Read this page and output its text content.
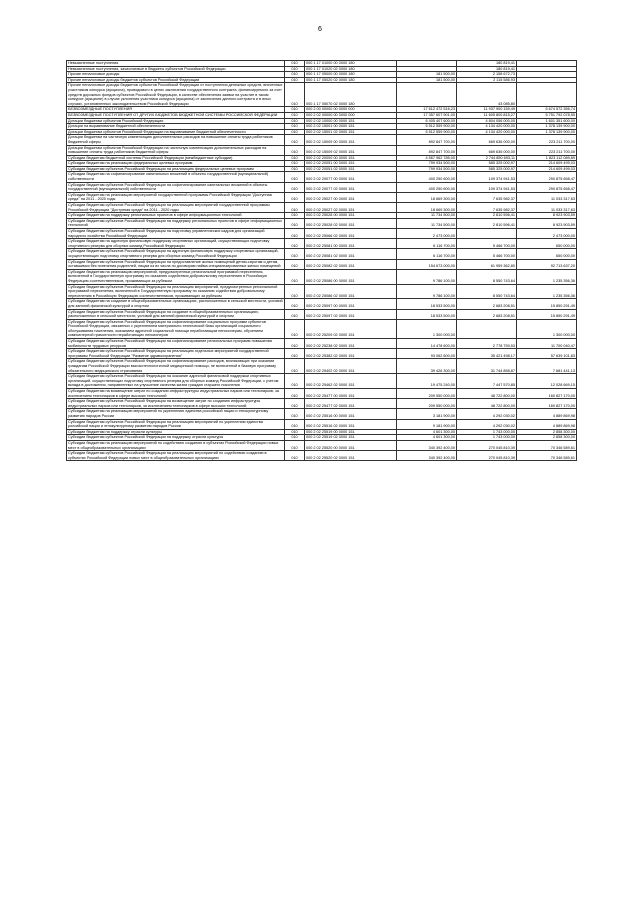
6
Невыясненные поступления	010	000 1 17 01000 00 0000 180		180 819,41	
Невыясненные поступления, зачисляемые в бюджеты субъектов Российской Федерации	010	000 1 17 01020 02 0000 180		180 819,41	
Прочие неналоговые доходы	010	000 1 17 05000 00 0000 180	181 500,00	2 158 672,73	
Прочие неналоговые доходы бюджетов субъектов Российской Федерации	010	000 1 17 05020 02 0000 180	181 500,00	2 115 586,93	
Прочие неналоговые доходы бюджетов субъектов Российской Федерации от поступления денежных средств, внесенных участником конкурса (аукциона), проводимого в целях заключения государственного контракта, финансируемого за счет средств дорожных фондов субъектов Российской Федерации, в качестве обеспечения заявки на участие в таком конкурсе (аукционе) в случае уклонения участника конкурса (аукциона) от заключения данного контракта и в иных случаях, установленных законодательством Российской Федерации	010	000 1 17 05070 02 0000 180		43 085,80	
БЕЗВОЗМЕЗДНЫЕ ПОСТУПЛЕНИЯ	010	000 2 00 00000 00 0000 000	17 612 472 516,23	11 937 900 159,49	5 674 572 356,74
БЕЗВОЗМЕЗДНЫЕ ПОСТУПЛЕНИЯ ОТ ДРУГИХ БЮДЖЕТОВ БЮДЖЕТНОЙ СИСТЕМЫ РОССИЙСКОЙ ФЕДЕРАЦИИ	010	000 2 02 00000 00 0000 000	17 357 607 901,00	11 605 800 815,27	5 751 792 078,55
Дотации бюджетам субъектов Российской Федерации	010	000 2 02 10000 00 0000 151	6 405 407 600,00	4 804 056 000,00	1 601 351 600,00
Дотации на выравнивание бюджетной обеспеченности	010	000 2 02 15001 00 0000 151	5 512 559 900,00	4 134 420 000,00	1 378 139 900,00
Дотации бюджетам субъектов Российской Федерации на выравнивание бюджетной обеспеченности	010	000 2 02 15001 02 0000 151	5 512 559 900,00	4 134 420 000,00	1 378 139 900,00
Дотации бюджетам на частичную компенсацию дополнительных расходов на повышение оплаты труда работников бюджетной сферы	010	000 2 02 15009 00 0000 151	892 847 700,00	669 636 000,00	223 211 700,00
Дотации бюджетам субъектов Российской Федерации на частичную компенсацию дополнительных расходов на повышение оплаты труда работников бюджетной сферы	010	000 2 02 15009 02 0000 151	892 847 700,00	669 636 000,00	223 211 700,00
Субсидии бюджетам бюджетной системы Российской Федерации (межбюджетные субсидии)	010	000 2 02 20000 00 0000 151	4 567 962 785,00	2 744 850 693,11	1 823 112 089,89
Субсидии бюджетам на реализацию федеральных целевых программ	010	000 2 02 20051 00 0000 151	799 934 500,00	585 325 000,97	214 609 499,03
Субсидии бюджетам субъектов Российской Федерации на реализацию федеральных целевых программ	010	000 2 02 20051 02 0000 151	799 934 500,00	585 325 000,97	214 609 499,03
Субсидии бюджетам на софинансирование капитальных вложений в объекты государственной (муниципальной) собственности	010	000 2 02 20077 00 0000 151	400 250 600,00	109 374 941,53	290 875 658,47
Субсидии бюджетам субъектов Российской Федерации на софинансирование капитальных вложений в объекты государственной (муниципальной) собственности	010	000 2 02 20077 02 0000 151	400 250 600,00	109 374 941,53	290 875 658,47
Субсидии бюджетам на реализацию мероприятий государственной программы Российской Федерации "Доступная среда" на 2011 - 2020 годы	010	000 2 02 25027 00 0000 151	18 669 300,00	7 635 982,37	11 033 317,63
Субсидии бюджетам субъектов Российской Федерации на реализацию мероприятий государственной программы Российской Федерации "Доступная среда" на 2011 - 2020 годы	010	000 2 02 25027 02 0000 151	18 669 300,00	7 635 982,37	11 033 317,63
Субсидии бюджетам на поддержку региональных проектов в сфере информационных технологий	010	000 2 02 25028 00 0000 151	11 734 500,00	2 810 596,41	8 923 903,59
Субсидии бюджетам субъектов Российской Федерации на поддержку региональных проектов в сфере информационных технологий	010	000 2 02 25028 02 0000 151	11 734 500,00	2 810 596,41	8 923 903,59
Субсидии бюджетам субъектов Российской Федерации на подготовку управленческих кадров для организаций народного хозяйства Российской Федерации	010	000 2 02 25066 02 0000 151	2 473 000,00		2 473 000,00
Субсидии бюджетам на адресную финансовую поддержку спортивных организаций, осуществляющих подготовку спортивного резерва для сборных команд Российской Федерации	010	000 2 02 25081 00 0000 151	6 116 700,00	5 466 700,00	650 000,00
Субсидии бюджетам субъектов Российской Федерации на адресную финансовую поддержку спортивных организаций, осуществляющих подготовку спортивного резерва для сборных команд Российской Федерации	010	000 2 02 25081 02 0000 151	6 116 700,00	5 466 700,00	650 000,00
Субсидии бюджетам субъектов Российской Федерации на предоставление жилых помещений детям-сиротам и детям, оставшимся без попечения родителей, лицам из их числа по договорам найма специализированных жилых помещений	010	000 2 02 25082 02 0000 151	154 673 000,00	61 959 362,80	92 713 637,20
Субсидии бюджетам на реализацию мероприятий, предусмотренных региональной программой переселения, включенной в Государственную программу по оказанию содействия добровольному переселению в Российскую Федерацию соотечественников, проживающих за рубежом	010	000 2 02 25086 00 0000 151	9 786 100,00	8 550 743,64	1 235 356,36
Субсидии бюджетам субъектов Российской Федерации на реализацию мероприятий, предусмотренных региональной программой переселения, включенной в Государственную программу по оказанию содействия добровольному переселению в Российскую Федерацию соотечественников, проживающих за рубежом	010	000 2 02 25086 02 0000 151	9 786 100,00	8 550 743,64	1 235 356,36
Субсидии бюджетам на создание в общеобразовательных организациях, расположенных в сельской местности, условий для занятий физической культурой и спортом	010	000 2 02 25097 00 0000 151	18 533 500,00	2 683 208,51	15 850 291,49
Субсидии бюджетам субъектов Российской Федерации на создание в общеобразовательных организациях, расположенных в сельской местности, условий для занятий физической культурой и спортом	010	000 2 02 25097 02 0000 151	18 533 500,00	2 683 208,51	15 850 291,49
Субсидии бюджетам субъектов Российской Федерации на софинансирование социальных программ субъектов Российской Федерации, связанных с укреплением материально-технической базы организаций социального обслуживания населения, оказанием адресной социальной помощи неработающим пенсионерам, обучением компьютерной грамотности неработающих пенсионеров	010	000 2 02 25209 02 0000 151	1 300 000,00		1 300 000,00
Субсидии бюджетам субъектов Российской Федерации на софинансирование региональных программ повышения мобильности трудовых ресурсов	010	000 2 02 25238 02 0000 151	14 478 600,00	2 778 759,53	11 700 040,47
Субсидии бюджетам субъектов Российской Федерации на реализацию отдельных мероприятий государственной программы Российской Федерации "Развитие здравоохранения"	010	000 2 02 25382 02 0000 151	93 062 600,00	35 421 498,17	57 639 101,83
Субсидии бюджетам субъектов Российской Федерации на софинансирование расходов, возникающих при оказании гражданам Российской Федерации высокотехнологичной медицинской помощи, не включенной в базовую программу обязательного медицинского страхования	010	000 2 02 25402 02 0000 151	39 426 300,00	31 744 858,87	7 681 441,13
Субсидии бюджетам субъектов Российской Федерации на оказание адресной финансовой поддержки спортивных организаций, осуществляющих подготовку спортивного резерва для сборных команд Российской Федерации, с учетом вклада в достижения, направленных на улучшение качества жизни граждан старшего поколения	010	000 2 02 25462 02 0000 151	19 475 240,00	7 447 570,85	12 028 669,15
Субсидии бюджетам на возмещение затрат по созданию инфраструктуры индустриальных парков или технопарков, за исключением технопарков в сфере высоких технологий	010	000 2 02 25477 00 0000 151	209 550 000,00	48 722 800,00	160 827 170,00
Субсидии бюджетам субъектов Российской Федерации на возмещение затрат по созданию инфраструктуры индустриальных парков или технопарков, за исключением технопарков в сфере высоких технологий	010	000 2 02 25477 02 0000 151	209 550 000,00	48 722 800,00	160 827 170,00
Субсидии бюджетам на реализацию мероприятий по укреплению единства российской нации и этнокультурному развитию народов России	010	000 2 02 25516 00 0000 151	3 181 900,00	4 292 030,02	4 889 869,98
Субсидии бюджетам субъектов Российской Федерации на реализацию мероприятий по укреплению единства российской нации и этнокультурному развитию народов России	010	000 2 02 25516 02 0000 151	9 181 900,00	4 292 030,02	4 889 869,98
Субсидии бюджетам на поддержку отрасли культуры	010	000 2 02 25519 00 0000 151	4 601 300,00	1 743 000,00	2 858 300,00
Субсидии бюджетам субъектов Российской Федерации на поддержку отрасли культуры	010	000 2 02 25519 02 0000 151	4 601 300,00	1 743 000,00	2 858 300,00
Субсидии бюджетам на реализацию мероприятий по содействию созданию в субъектах Российской Федерации новых мест в общеобразовательных организациях	010	000 2 02 25520 00 0000 151	340 392 400,00	270 045 810,39	70 346 589,61
Субсидии бюджетам субъектов Российской Федерации на реализацию мероприятий по содействию созданию в субъектах Российской Федерации новых мест в общеобразовательных организациях	010	000 2 02 25520 02 0000 151	340 392 400,00	270 045 810,39	70 346 589,61
